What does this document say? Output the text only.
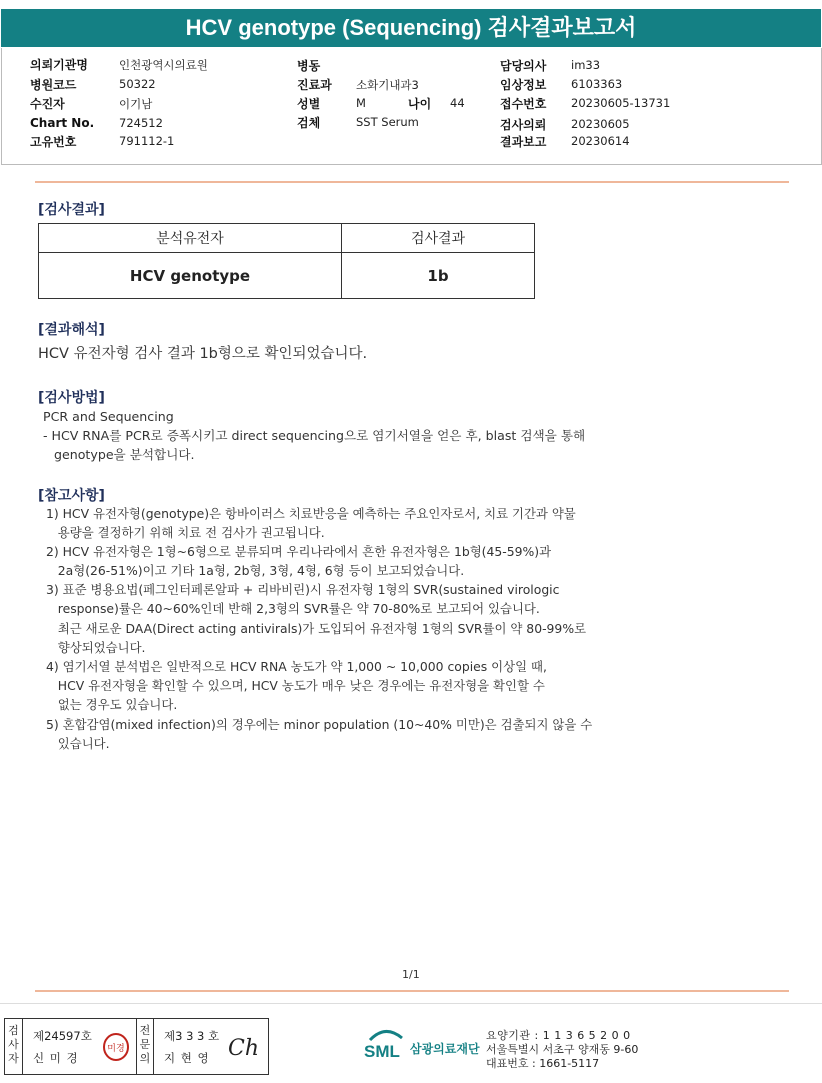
HCV genotype (Sequencing) 검사결과보고서
의뢰기관명	인천광역시의료원
병원코드	50322
수진자	이기남
Chart No. 724512
고유번호	791112-1
병동
진료과 소화기내과3
성별	M	나이 44
검체	SST Serum
담당의사 im33
임상정보 6103363
접수번호 20230605-13731
검사의뢰 20230605
결과보고 20230614
[검사결과]
분석유전자	검사결과
HCV genotype	1b
[결과해석]
HCV 유전자형 검사 결과 1b형으로 확인되었습니다.
[검사방법]
PCR and Sequencing
- HCV RNA를 PCR로 증폭시키고 direct sequencing으로 염기서열을 얻은 후, blast 검색을 통해
genotype을 분석합니다.
[참고사항]
1) HCV 유전자형(genotype)은 항바이러스 치료반응을 예측하는 주요인자로서, 치료 기간과 약물
용량을 결정하기 위해 치료 전 검사가 권고됩니다.
2) HCV 유전자형은 1형~6형으로 분류되며 우리나라에서 흔한 유전자형은 1b형(45-59%)과
2a형(26-51%)이고 기타 1a형, 2b형, 3형, 4형, 6형 등이 보고되었습니다.
3) 표준 병용요법(페그인터페론알파 + 리바비린)시 유전자형 1형의 SVR(sustained virologic
response)률은 40~60%인데 반해 2,3형의 SVR률은 약 70-80%로 보고되어 있습니다.
최근 새로운 DAA(Direct acting antivirals)가 도입되어 유전자형 1형의 SVR률이 약 80-99%로
향상되었습니다.
4) 염기서열 분석법은 일반적으로 HCV RNA 농도가 약 1,000 ~ 10,000 copies 이상일 때,
HCV 유전자형을 확인할 수 있으며, HCV 농도가 매우 낮은 경우에는 유전자형을 확인할 수
없는 경우도 있습니다.
5) 혼합감염(mixed infection)의 경우에는 minor population (10~40% 미만)은 검출되지 않을 수
있습니다.
1/1
검사자
제24597호
신 미 경
미경
전문의
제3 3 3 호
지 현 영 Ch	SML 삼광의료재단
요양기관 : 1 1 3 6 5 2 0 0
서울특별시 서초구 양재동 9-60
대표번호 : 1661-5117
